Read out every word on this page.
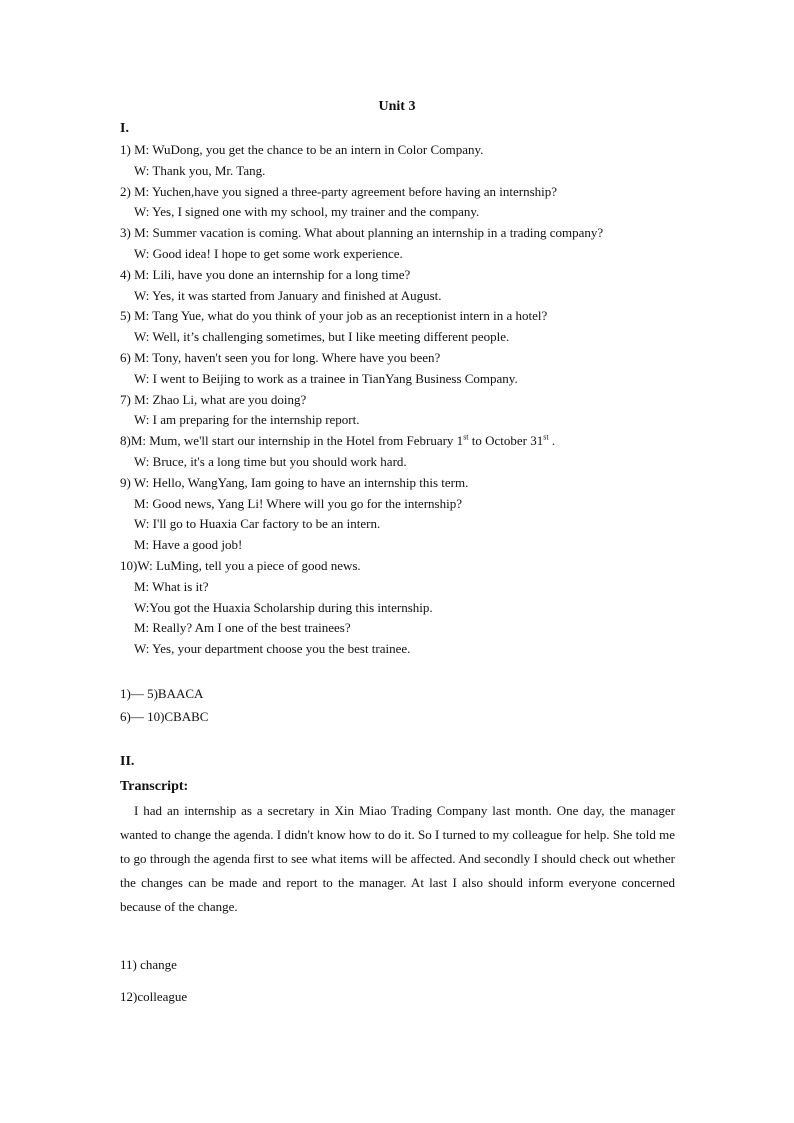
Unit 3
I.
1) M: WuDong, you get the chance to be an intern in Color Company.
W: Thank you, Mr. Tang.
2) M: Yuchen,have you signed a three-party agreement before having an internship?
W: Yes, I signed one with my school, my trainer and the company.
3) M: Summer vacation is coming. What about planning an internship in a trading company?
W: Good idea! I hope to get some work experience.
4) M: Lili, have you done an internship for a long time?
W: Yes, it was started from January and finished at August.
5) M: Tang Yue, what do you think of your job as an receptionist intern in a hotel?
W: Well, it’s challenging sometimes, but I like meeting different people.
6) M: Tony, haven't seen you for long. Where have you been?
W: I went to Beijing to work as a trainee in TianYang Business Company.
7) M: Zhao Li, what are you doing?
W: I am preparing for the internship report.
8)M: Mum, we'll start our internship in the Hotel from February 1st to October 31st .
W: Bruce, it's a long time but you should work hard.
9) W: Hello, WangYang, Iam going to have an internship this term.
M: Good news, Yang Li! Where will you go for the internship?
W: I'll go to Huaxia Car factory to be an intern.
M: Have a good job!
10)W: LuMing, tell you a piece of good news.
M: What is it?
W:You got the Huaxia Scholarship during this internship.
M: Really? Am I one of the best trainees?
W: Yes, your department choose you the best trainee.
1)— 5)BAACA
6)— 10)CBABC
II.
Transcript:
I had an internship as a secretary in Xin Miao Trading Company last month. One day, the manager wanted to change the agenda. I didn't know how to do it. So I turned to my colleague for help. She told me to go through the agenda first to see what items will be affected. And secondly I should check out whether the changes can be made and report to the manager. At last I also should inform everyone concerned because of the change.
11) change
12)colleague
